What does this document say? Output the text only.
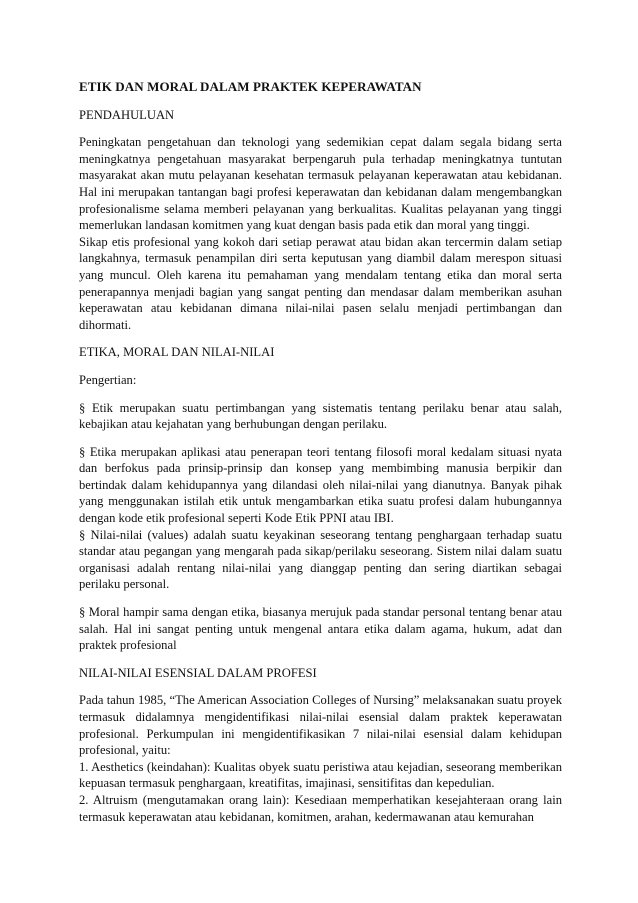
ETIK DAN MORAL DALAM PRAKTEK KEPERAWATAN
PENDAHULUAN
Peningkatan pengetahuan dan teknologi yang sedemikian cepat dalam segala bidang serta meningkatnya pengetahuan masyarakat berpengaruh pula terhadap meningkatnya tuntutan masyarakat akan mutu pelayanan kesehatan termasuk pelayanan keperawatan atau kebidanan. Hal ini merupakan tantangan bagi profesi keperawatan dan kebidanan dalam mengembangkan profesionalisme selama memberi pelayanan yang berkualitas. Kualitas pelayanan yang tinggi memerlukan landasan komitmen yang kuat dengan basis pada etik dan moral yang tinggi.
Sikap etis profesional yang kokoh dari setiap perawat atau bidan akan tercermin dalam setiap langkahnya, termasuk penampilan diri serta keputusan yang diambil dalam merespon situasi yang muncul. Oleh karena itu pemahaman yang mendalam tentang etika dan moral serta penerapannya menjadi bagian yang sangat penting dan mendasar dalam memberikan asuhan keperawatan atau kebidanan dimana nilai-nilai pasen selalu menjadi pertimbangan dan dihormati.
ETIKA, MORAL DAN NILAI-NILAI
Pengertian:
§ Etik merupakan suatu pertimbangan yang sistematis tentang perilaku benar atau salah, kebajikan atau kejahatan yang berhubungan dengan perilaku.
§ Etika merupakan aplikasi atau penerapan teori tentang filosofi moral kedalam situasi nyata dan berfokus pada prinsip-prinsip dan konsep yang membimbing manusia berpikir dan bertindak dalam kehidupannya yang dilandasi oleh nilai-nilai yang dianutnya. Banyak pihak yang menggunakan istilah etik untuk mengambarkan etika suatu profesi dalam hubungannya dengan kode etik profesional seperti Kode Etik PPNI atau IBI.
§ Nilai-nilai (values) adalah suatu keyakinan seseorang tentang penghargaan terhadap suatu standar atau pegangan yang mengarah pada sikap/perilaku seseorang. Sistem nilai dalam suatu organisasi adalah rentang nilai-nilai yang dianggap penting dan sering diartikan sebagai perilaku personal.
§ Moral hampir sama dengan etika, biasanya merujuk pada standar personal tentang benar atau salah. Hal ini sangat penting untuk mengenal antara etika dalam agama, hukum, adat dan praktek profesional
NILAI-NILAI ESENSIAL DALAM PROFESI
Pada tahun 1985, “The American Association Colleges of Nursing” melaksanakan suatu proyek termasuk didalamnya mengidentifikasi nilai-nilai esensial dalam praktek keperawatan profesional. Perkumpulan ini mengidentifikasikan 7 nilai-nilai esensial dalam kehidupan profesional, yaitu:
1. Aesthetics (keindahan): Kualitas obyek suatu peristiwa atau kejadian, seseorang memberikan kepuasan termasuk penghargaan, kreatifitas, imajinasi, sensitifitas dan kepedulian.
2. Altruism (mengutamakan orang lain): Kesediaan memperhatikan kesejahteraan orang lain termasuk keperawatan atau kebidanan, komitmen, arahan, kedermawanan atau kemurahan
